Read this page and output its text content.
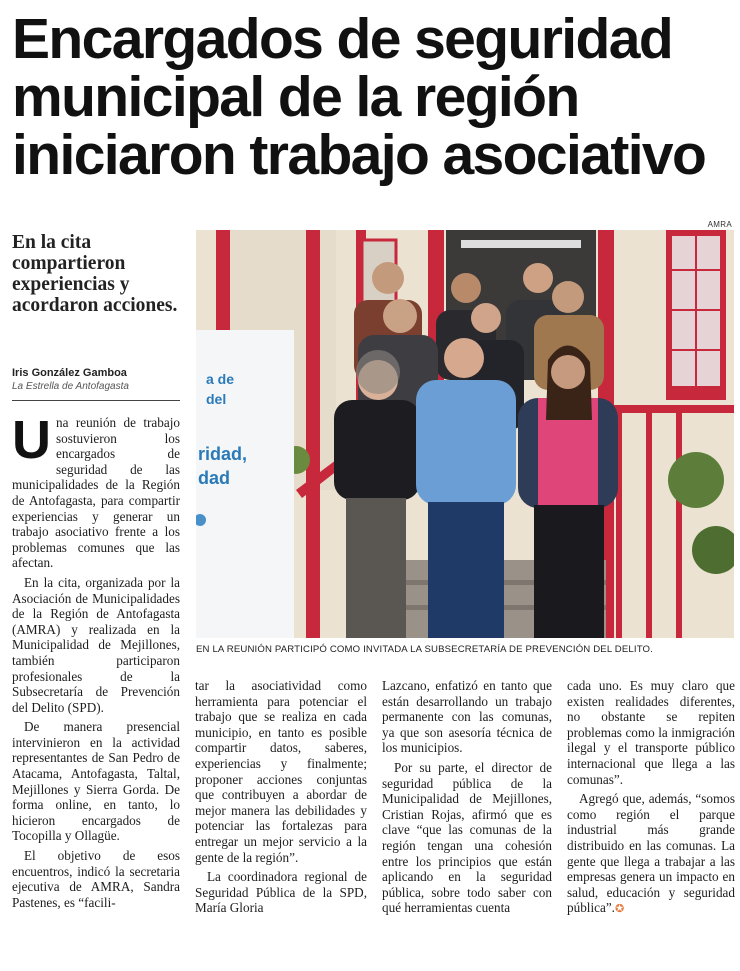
Encargados de seguridad municipal de la región iniciaron trabajo asociativo
AMRA

En la cita compartieron experiencias y acordaron acciones.

Iris González Gamboa
La Estrella de Antofagasta	a de
del
ridad,
dad
EN LA REUNIÓN PARTICIPÓ COMO INVITADA LA SUBSECRETARÍA DE PREVENCIÓN DEL DELITO.

Una reunión de trabajo sostuvieron los encargados de seguridad de las municipalidades de la Región de Antofagasta, para compartir experiencias y generar un trabajo asociativo frente a los problemas comunes que las afectan.

En la cita, organizada por la Asociación de Municipalidades de la Región de Antofagasta (AMRA) y realizada en la Municipalidad de Mejillones, también participaron profesionales de la Subsecretaría de Prevención del Delito (SPD).

De manera presencial intervinieron en la actividad representantes de San Pedro de Atacama, Antofagasta, Taltal, Mejillones y Sierra Gorda. De forma online, en tanto, lo hicieron encargados de Tocopilla y Ollagüe.

El objetivo de esos encuentros, indicó la secretaria ejecutiva de AMRA, Sandra Pastenes, es “facili-

tar la asociatividad como herramienta para potenciar el trabajo que se realiza en cada municipio, en tanto es posible compartir datos, saberes, experiencias y finalmente; proponer acciones conjuntas que contribuyen a abordar de mejor manera las debilidades y potenciar las fortalezas para entregar un mejor servicio a la gente de la región”.

La coordinadora regional de Seguridad Pública de la SPD, María Gloria

Lazcano, enfatizó en tanto que están desarrollando un trabajo permanente con las comunas, ya que son asesoría técnica de los municipios.

Por su parte, el director de seguridad pública de la Municipalidad de Mejillones, Cristian Rojas, afirmó que es clave “que las comunas de la región tengan una cohesión entre los principios que están aplicando en la seguridad pública, sobre todo saber con qué herramientas cuenta

cada uno. Es muy claro que existen realidades diferentes, no obstante se repiten problemas como la inmigración ilegal y el transporte público internacional que llega a las comunas”.

Agregó que, además, “somos como región el parque industrial más grande distribuido en las comunas. La gente que llega a trabajar a las empresas genera un impacto en salud, educación y seguridad pública”.✪
